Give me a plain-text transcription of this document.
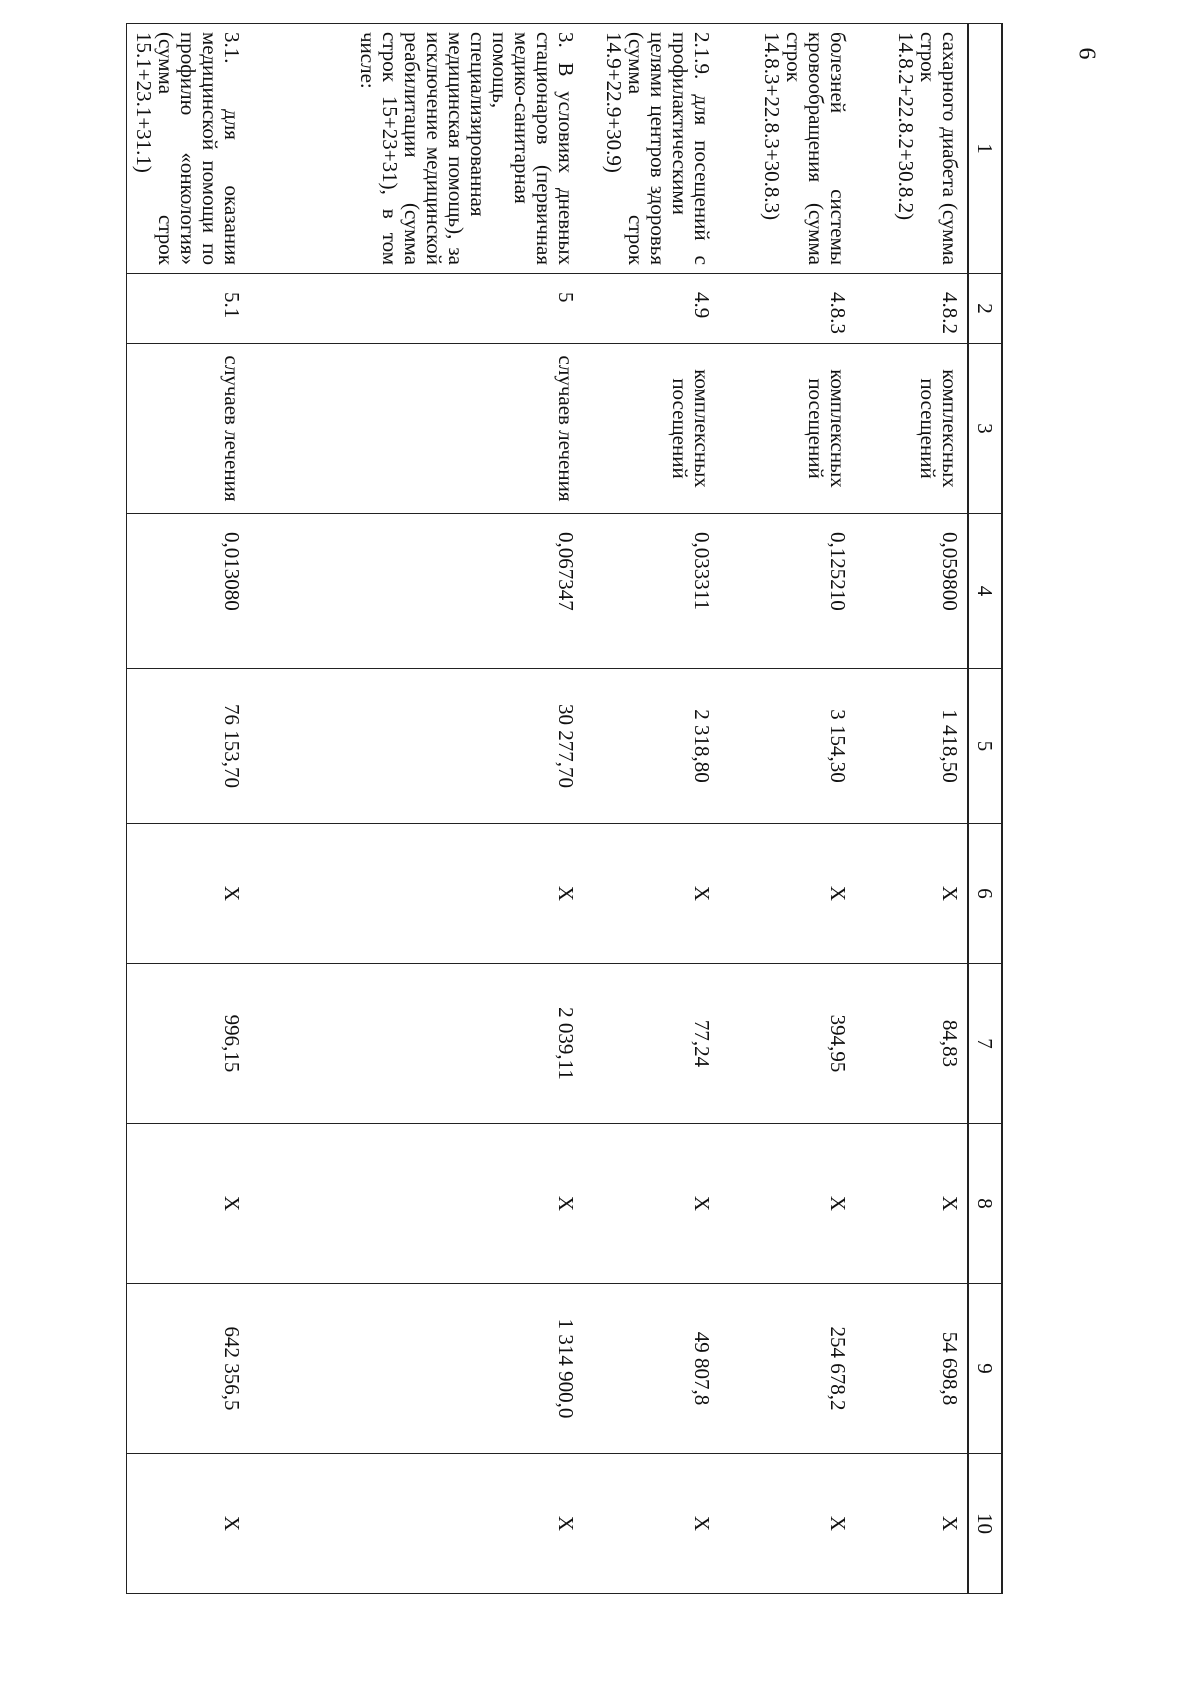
6
1	2	3	4	5	6	7	8	9	10
сахарного диабета (сумма строк 14.8.2+22.8.2+30.8.2)	4.8.2	комплексных посещений	0,059800	1 418,50	X	84,83	X	54 698,8	X
болезней системы кровообращения (сумма строк 14.8.3+22.8.3+30.8.3)	4.8.3	комплексных посещений	0,125210	3 154,30	X	394,95	X	254 678,2	X
2.1.9. для посещений с профилактическими целями центров здоровья (сумма строк 14.9+22.9+30.9)	4.9	комплексных посещений	0,033311	2 318,80	X	77,24	X	49 807,8	X
3. В условиях дневных стационаров (первичная медико-санитарная помощь, специализированная медицинская помощь), за исключение медицинской реабилитации (сумма строк 15+23+31), в том числе:	5	случаев лечения	0,067347	30 277,70	X	2 039,11	X	1 314 900,0	X
3.1. для оказания медицинской помощи по профилю «онкология» (сумма строк 15.1+23.1+31.1)	5.1	случаев лечения	0,013080	76 153,70	X	996,15	X	642 356,5	X
